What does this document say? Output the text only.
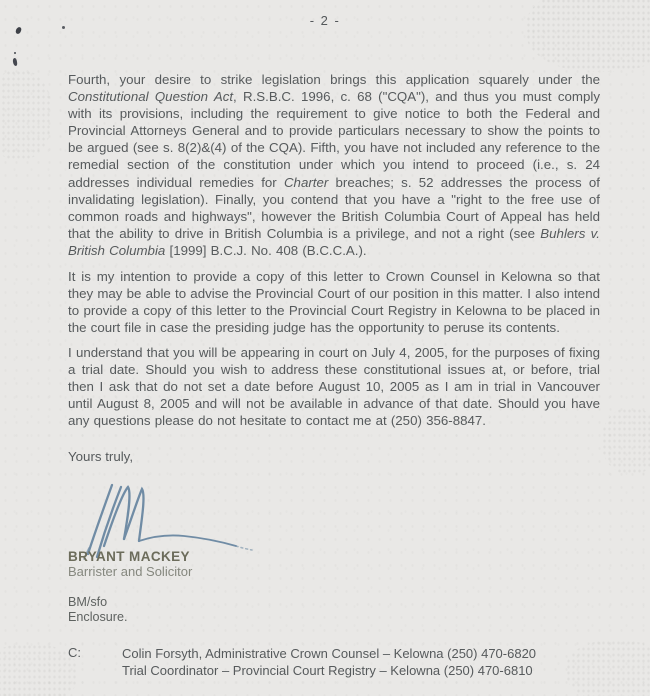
- 2 -
Fourth, your desire to strike legislation brings this application squarely under the Constitutional Question Act, R.S.B.C. 1996, c. 68 ("CQA"), and thus you must comply with its provisions, including the requirement to give notice to both the Federal and Provincial Attorneys General and to provide particulars necessary to show the points to be argued (see s. 8(2)&(4) of the CQA). Fifth, you have not included any reference to the remedial section of the constitution under which you intend to proceed (i.e., s. 24 addresses individual remedies for Charter breaches; s. 52 addresses the process of invalidating legislation). Finally, you contend that you have a "right to the free use of common roads and highways", however the British Columbia Court of Appeal has held that the ability to drive in British Columbia is a privilege, and not a right (see Buhlers v. British Columbia [1999] B.C.J. No. 408 (B.C.C.A.).
It is my intention to provide a copy of this letter to Crown Counsel in Kelowna so that they may be able to advise the Provincial Court of our position in this matter. I also intend to provide a copy of this letter to the Provincial Court Registry in Kelowna to be placed in the court file in case the presiding judge has the opportunity to peruse its contents.
I understand that you will be appearing in court on July 4, 2005, for the purposes of fixing a trial date. Should you wish to address these constitutional issues at, or before, trial then I ask that do not set a date before August 10, 2005 as I am in trial in Vancouver until August 8, 2005 and will not be available in advance of that date. Should you have any questions please do not hesitate to contact me at (250) 356-8847.
Yours truly,
BRYANT MACKEY
Barrister and Solicitor
BM/sfo
Enclosure.
C:	Colin Forsyth, Administrative Crown Counsel – Kelowna (250) 470-6820
Trial Coordinator – Provincial Court Registry – Kelowna (250) 470-6810
